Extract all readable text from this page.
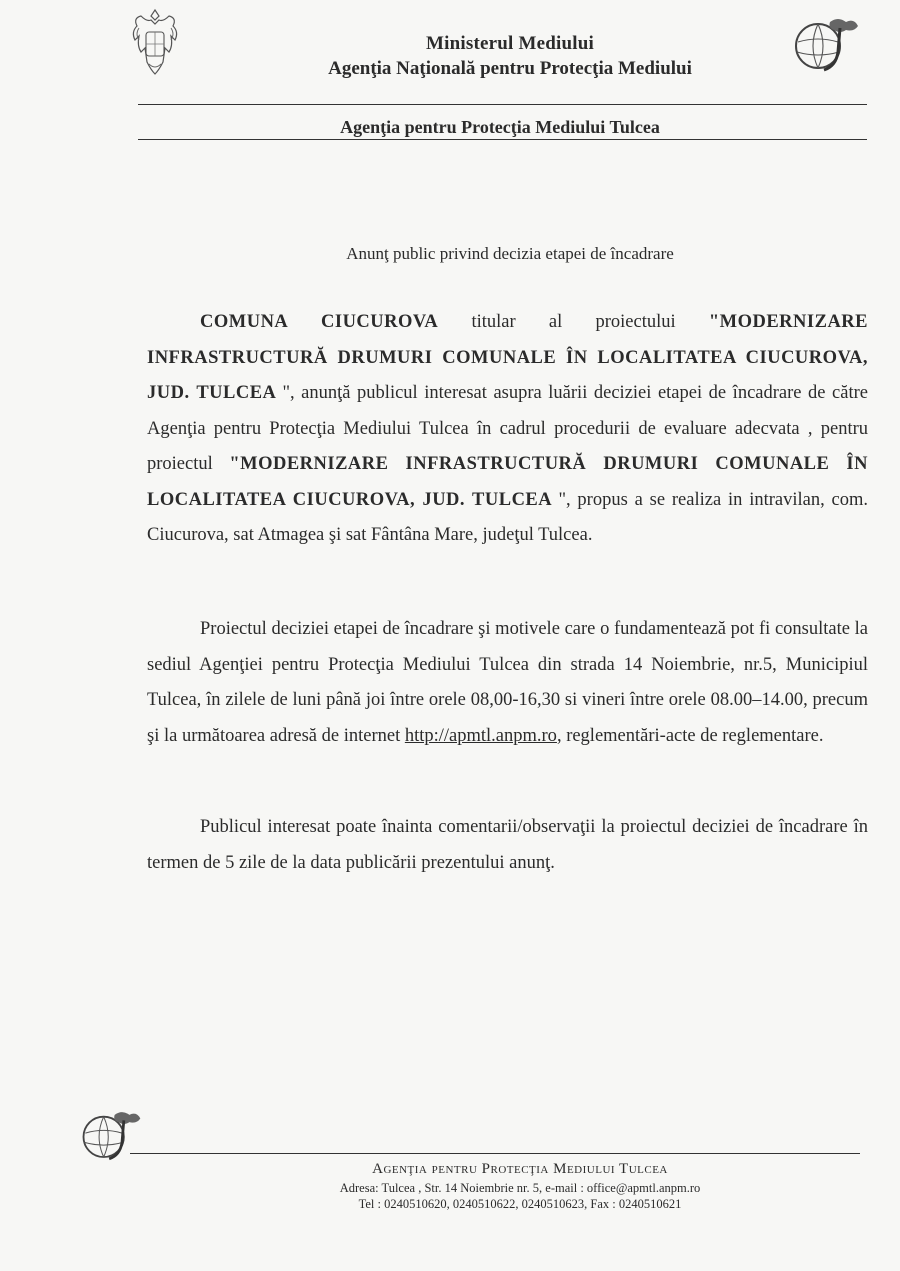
Ministerul Mediului
Agenţia Naţională pentru Protecţia Mediului
Agenţia pentru Protecţia Mediului Tulcea
Anunţ public privind decizia etapei de încadrare

COMUNA CIUCUROVA titular al proiectului "MODERNIZARE INFRASTRUCTURĂ DRUMURI COMUNALE ÎN LOCALITATEA CIUCUROVA, JUD. TULCEA ", anunţă publicul interesat asupra luării deciziei etapei de încadrare de către Agenţia pentru Protecţia Mediului Tulcea în cadrul procedurii de evaluare adecvata , pentru proiectul "MODERNIZARE INFRASTRUCTURĂ DRUMURI COMUNALE ÎN LOCALITATEA CIUCUROVA, JUD. TULCEA ", propus a se realiza in intravilan, com. Ciucurova, sat Atmagea şi sat Fântâna Mare, judeţul Tulcea.

Proiectul deciziei etapei de încadrare şi motivele care o fundamentează pot fi consultate la sediul Agenţiei pentru Protecţia Mediului Tulcea din strada 14 Noiembrie, nr.5, Municipiul Tulcea, în zilele de luni până joi între orele 08,00-16,30 si vineri între orele 08.00–14.00, precum şi la următoarea adresă de internet http://apmtl.anpm.ro, reglementări-acte de reglementare.

Publicul interesat poate înainta comentarii/observaţii la proiectul deciziei de încadrare în termen de 5 zile de la data publicării prezentului anunţ.

Agenţia pentru Protecţia Mediului Tulcea
Adresa: Tulcea , Str. 14 Noiembrie nr. 5, e-mail : office@apmtl.anpm.ro
Tel : 0240510620, 0240510622, 0240510623, Fax : 0240510621
